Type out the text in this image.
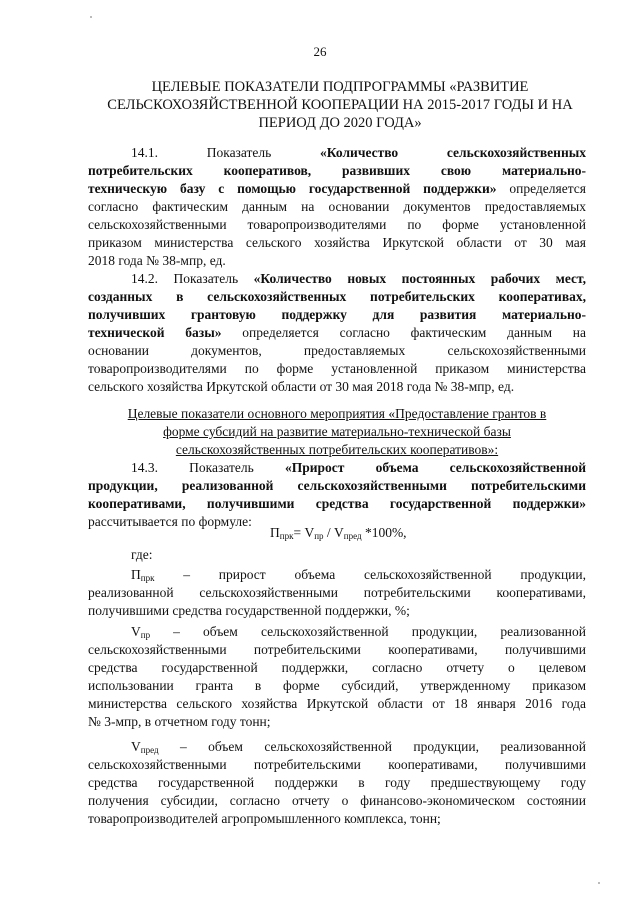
26
ЦЕЛЕВЫЕ ПОКАЗАТЕЛИ ПОДПРОГРАММЫ «РАЗВИТИЕ
СЕЛЬСКОХОЗЯЙСТВЕННОЙ КООПЕРАЦИИ НА 2015-2017 ГОДЫ И НА
ПЕРИОД ДО 2020 ГОДА»
14.1. Показатель	«Количество сельскохозяйственных
потребительских кооперативов, развивших свою материально-
техническую базу с помощью государственной поддержки» определяется
согласно фактическим данным на основании документов предоставляемых
сельскохозяйственными товаропроизводителями по форме установленной
приказом министерства сельского хозяйства Иркутской области от 30 мая
2018 года № 38-мпр, ед.
14.2. Показатель «Количество новых постоянных рабочих мест,
созданных в сельскохозяйственных потребительских кооперативах,
получивших грантовую поддержку для развития материально-
технической базы» определяется согласно фактическим данным на
основании документов, предоставляемых сельскохозяйственными
товаропроизводителями по форме установленной приказом министерства
сельского хозяйства Иркутской области от 30 мая 2018 года № 38-мпр, ед.
Целевые показатели основного мероприятия «Предоставление грантов в
форме субсидий на развитие материально-технической базы
сельскохозяйственных потребительских кооперативов»:
14.3. Показатель «Прирост объема сельскохозяйственной
продукции, реализованной сельскохозяйственными потребительскими
кооперативами, получившими средства государственной поддержки»
рассчитывается по формуле:
$П_{прк}= V_{пр} / V_{пред}$ *100%,
где:
$П_{прк}$ – прирост объема сельскохозяйственной продукции,
реализованной сельскохозяйственными потребительскими кооперативами,
получившими средства государственной поддержки, %;
$V_{пр}$ – объем сельскохозяйственной продукции, реализованной
сельскохозяйственными потребительскими кооперативами, получившими
средства государственной поддержки, согласно отчету о целевом
использовании гранта в форме субсидий, утвержденному приказом
министерства сельского хозяйства Иркутской области от 18 января 2016 года
№ 3-мпр, в отчетном году тонн;
$V_{пред}$ – объем сельскохозяйственной продукции, реализованной
сельскохозяйственными потребительскими кооперативами, получившими
средства государственной поддержки в году предшествующему году
получения субсидии, согласно отчету о финансово-экономическом состоянии
товаропроизводителей агропромышленного комплекса, тонн;
